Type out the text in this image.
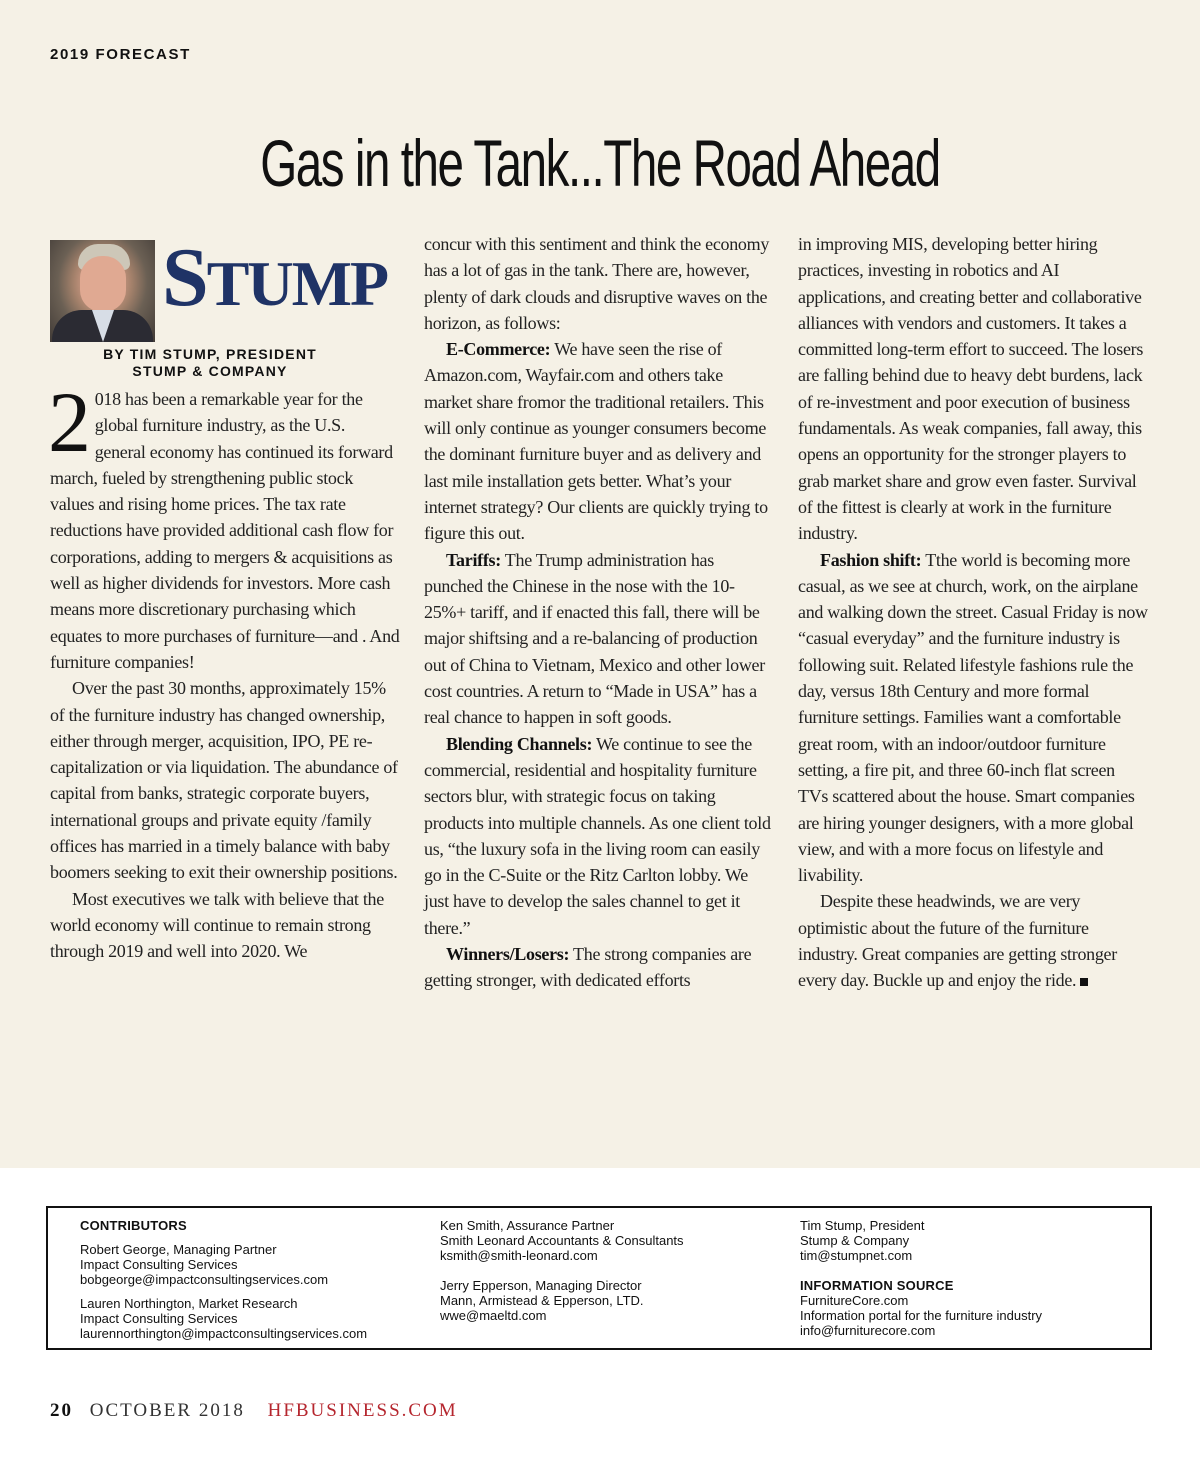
2019 FORECAST
Gas in the Tank...The Road Ahead
STUMP
BY TIM STUMP, PRESIDENT
STUMP & COMPANY

2 018 has been a remarkable year for the global furniture industry, as the U.S. general economy has continued its forward march, fueled by strengthening public stock values and rising home prices. The tax rate reductions have provided additional cash flow for corporations, adding to mergers & acquisitions as well as higher dividends for investors. More cash means more discretionary purchasing which equates to more purchases of furniture—and . And furniture companies!

Over the past 30 months, approximately 15% of the furniture industry has changed ownership, either through merger, acquisition, IPO, PE re-capitalization or via liquidation. The abundance of capital from banks, strategic corporate buyers, international groups and private equity /family offices has married in a timely balance with baby boomers seeking to exit their ownership positions.

Most executives we talk with believe that the world economy will continue to remain strong through 2019 and well into 2020. We

concur with this sentiment and think the economy has a lot of gas in the tank. There are, however, plenty of dark clouds and disruptive waves on the horizon, as follows:

E-Commerce: We have seen the rise of Amazon.com, Wayfair.com and others take market share fromor the traditional retailers. This will only continue as younger consumers become the dominant furniture buyer and as delivery and last mile installation gets better. What’s your internet strategy? Our clients are quickly trying to figure this out.

Tariffs: The Trump administration has punched the Chinese in the nose with the 10-25%+ tariff, and if enacted this fall, there will be major shiftsing and a re-balancing of production out of China to Vietnam, Mexico and other lower cost countries. A return to “Made in USA” has a real chance to happen in soft goods.

Blending Channels: We continue to see the commercial, residential and hospitality furniture sectors blur, with strategic focus on taking products into multiple channels. As one client told us, “the luxury sofa in the living room can easily go in the C-Suite or the Ritz Carlton lobby. We just have to develop the sales channel to get it there.”

Winners/Losers: The strong companies are getting stronger, with dedicated efforts

in improving MIS, developing better hiring practices, investing in robotics and AI applications, and creating better and collaborative alliances with vendors and customers. It takes a committed long-term effort to succeed. The losers are falling behind due to heavy debt burdens, lack of re-investment and poor execution of business fundamentals. As weak companies, fall away, this opens an opportunity for the stronger players to grab market share and grow even faster. Survival of the fittest is clearly at work in the furniture industry.

Fashion shift: Tthe world is becoming more casual, as we see at church, work, on the airplane and walking down the street. Casual Friday is now “casual everyday” and the furniture industry is following suit. Related lifestyle fashions rule the day, versus 18th Century and more formal furniture settings. Families want a comfortable great room, with an indoor/outdoor furniture setting, a fire pit, and three 60-inch flat screen TVs scattered about the house. Smart companies are hiring younger designers, with a more global view, and with a more focus on lifestyle and livability.

Despite these headwinds, we are very optimistic about the future of the furniture industry. Great companies are getting stronger every day. Buckle up and enjoy the ride.

CONTRIBUTORS
Robert George, Managing Partner
Impact Consulting Services
bobgeorge@impactconsultingservices.com
Lauren Northington, Market Research
Impact Consulting Services
laurennorthington@impactconsultingservices.com
Ken Smith, Assurance Partner
Smith Leonard Accountants & Consultants
ksmith@smith-leonard.com
Jerry Epperson, Managing Director
Mann, Armistead & Epperson, LTD.
wwe@maeltd.com
Tim Stump, President
Stump & Company
tim@stumpnet.com
INFORMATION SOURCE
FurnitureCore.com
Information portal for the furniture industry
info@furniturecore.com
20 OCTOBER 2018 HFBUSINESS.COM
